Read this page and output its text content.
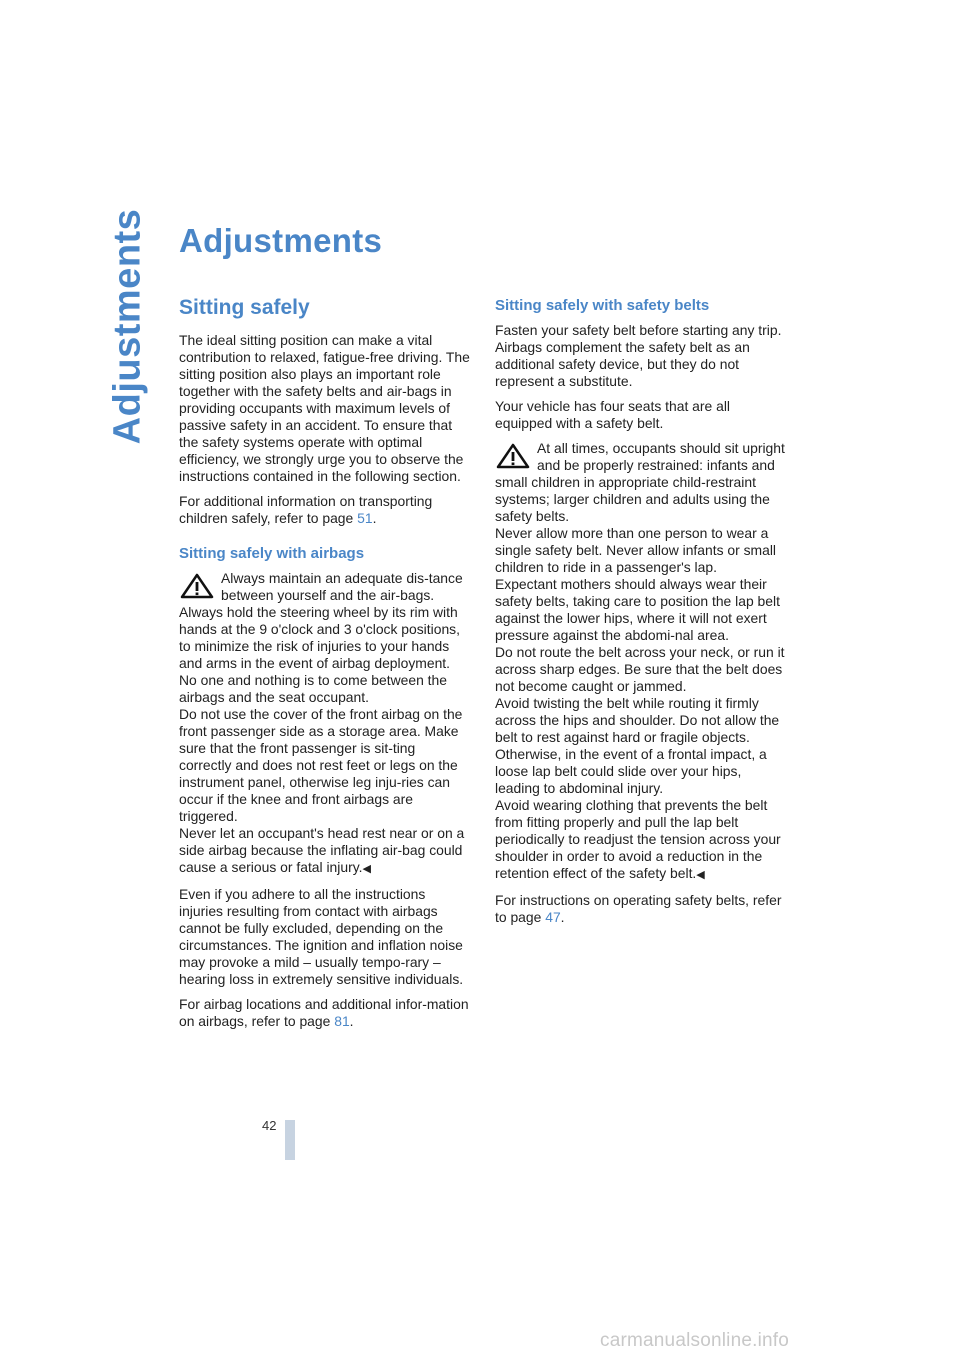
Adjustments Adjustments
Sitting safely

The ideal sitting position can make a vital contribution to relaxed, fatigue-free driving. The sitting position also plays an important role together with the safety belts and air-bags in providing occupants with maximum levels of passive safety in an accident. To ensure that the safety systems operate with optimal efficiency, we strongly urge you to observe the instructions contained in the following section.

For additional information on transporting children safely, refer to page 51.

Sitting safely with airbags
Always maintain an adequate dis-tance between yourself and the air-bags. Always hold the steering wheel by its rim with hands at the 9 o'clock and 3 o'clock positions, to minimize the risk of injuries to your hands and arms in the event of airbag deployment.
No one and nothing is to come between the airbags and the seat occupant.
Do not use the cover of the front airbag on the front passenger side as a storage area. Make sure that the front passenger is sit-ting correctly and does not rest feet or legs on the instrument panel, otherwise leg inju-ries can occur if the knee and front airbags are triggered.
Never let an occupant's head rest near or on a side airbag because the inflating air-bag could cause a serious or fatal injury.◀

Even if you adhere to all the instructions injuries resulting from contact with airbags cannot be fully excluded, depending on the circumstances. The ignition and inflation noise may provoke a mild – usually tempo-rary – hearing loss in extremely sensitive individuals.

For airbag locations and additional infor-mation on airbags, refer to page 81.

Sitting safely with safety belts

Fasten your safety belt before starting any trip. Airbags complement the safety belt as an additional safety device, but they do not represent a substitute.

Your vehicle has four seats that are all equipped with a safety belt.

At all times, occupants should sit upright and be properly restrained: infants and small children in appropriate child-restraint systems; larger children and adults using the safety belts.
Never allow more than one person to wear a single safety belt. Never allow infants or small children to ride in a passenger's lap.
Expectant mothers should always wear their safety belts, taking care to position the lap belt against the lower hips, where it will not exert pressure against the abdomi-nal area.
Do not route the belt across your neck, or run it across sharp edges. Be sure that the belt does not become caught or jammed.
Avoid twisting the belt while routing it firmly across the hips and shoulder. Do not allow the belt to rest against hard or fragile objects. Otherwise, in the event of a frontal impact, a loose lap belt could slide over your hips, leading to abdominal injury.
Avoid wearing clothing that prevents the belt from fitting properly and pull the lap belt periodically to readjust the tension across your shoulder in order to avoid a reduction in the retention effect of the safety belt.◀

For instructions on operating safety belts, refer to page 47.

42
carmanualsonline.info
